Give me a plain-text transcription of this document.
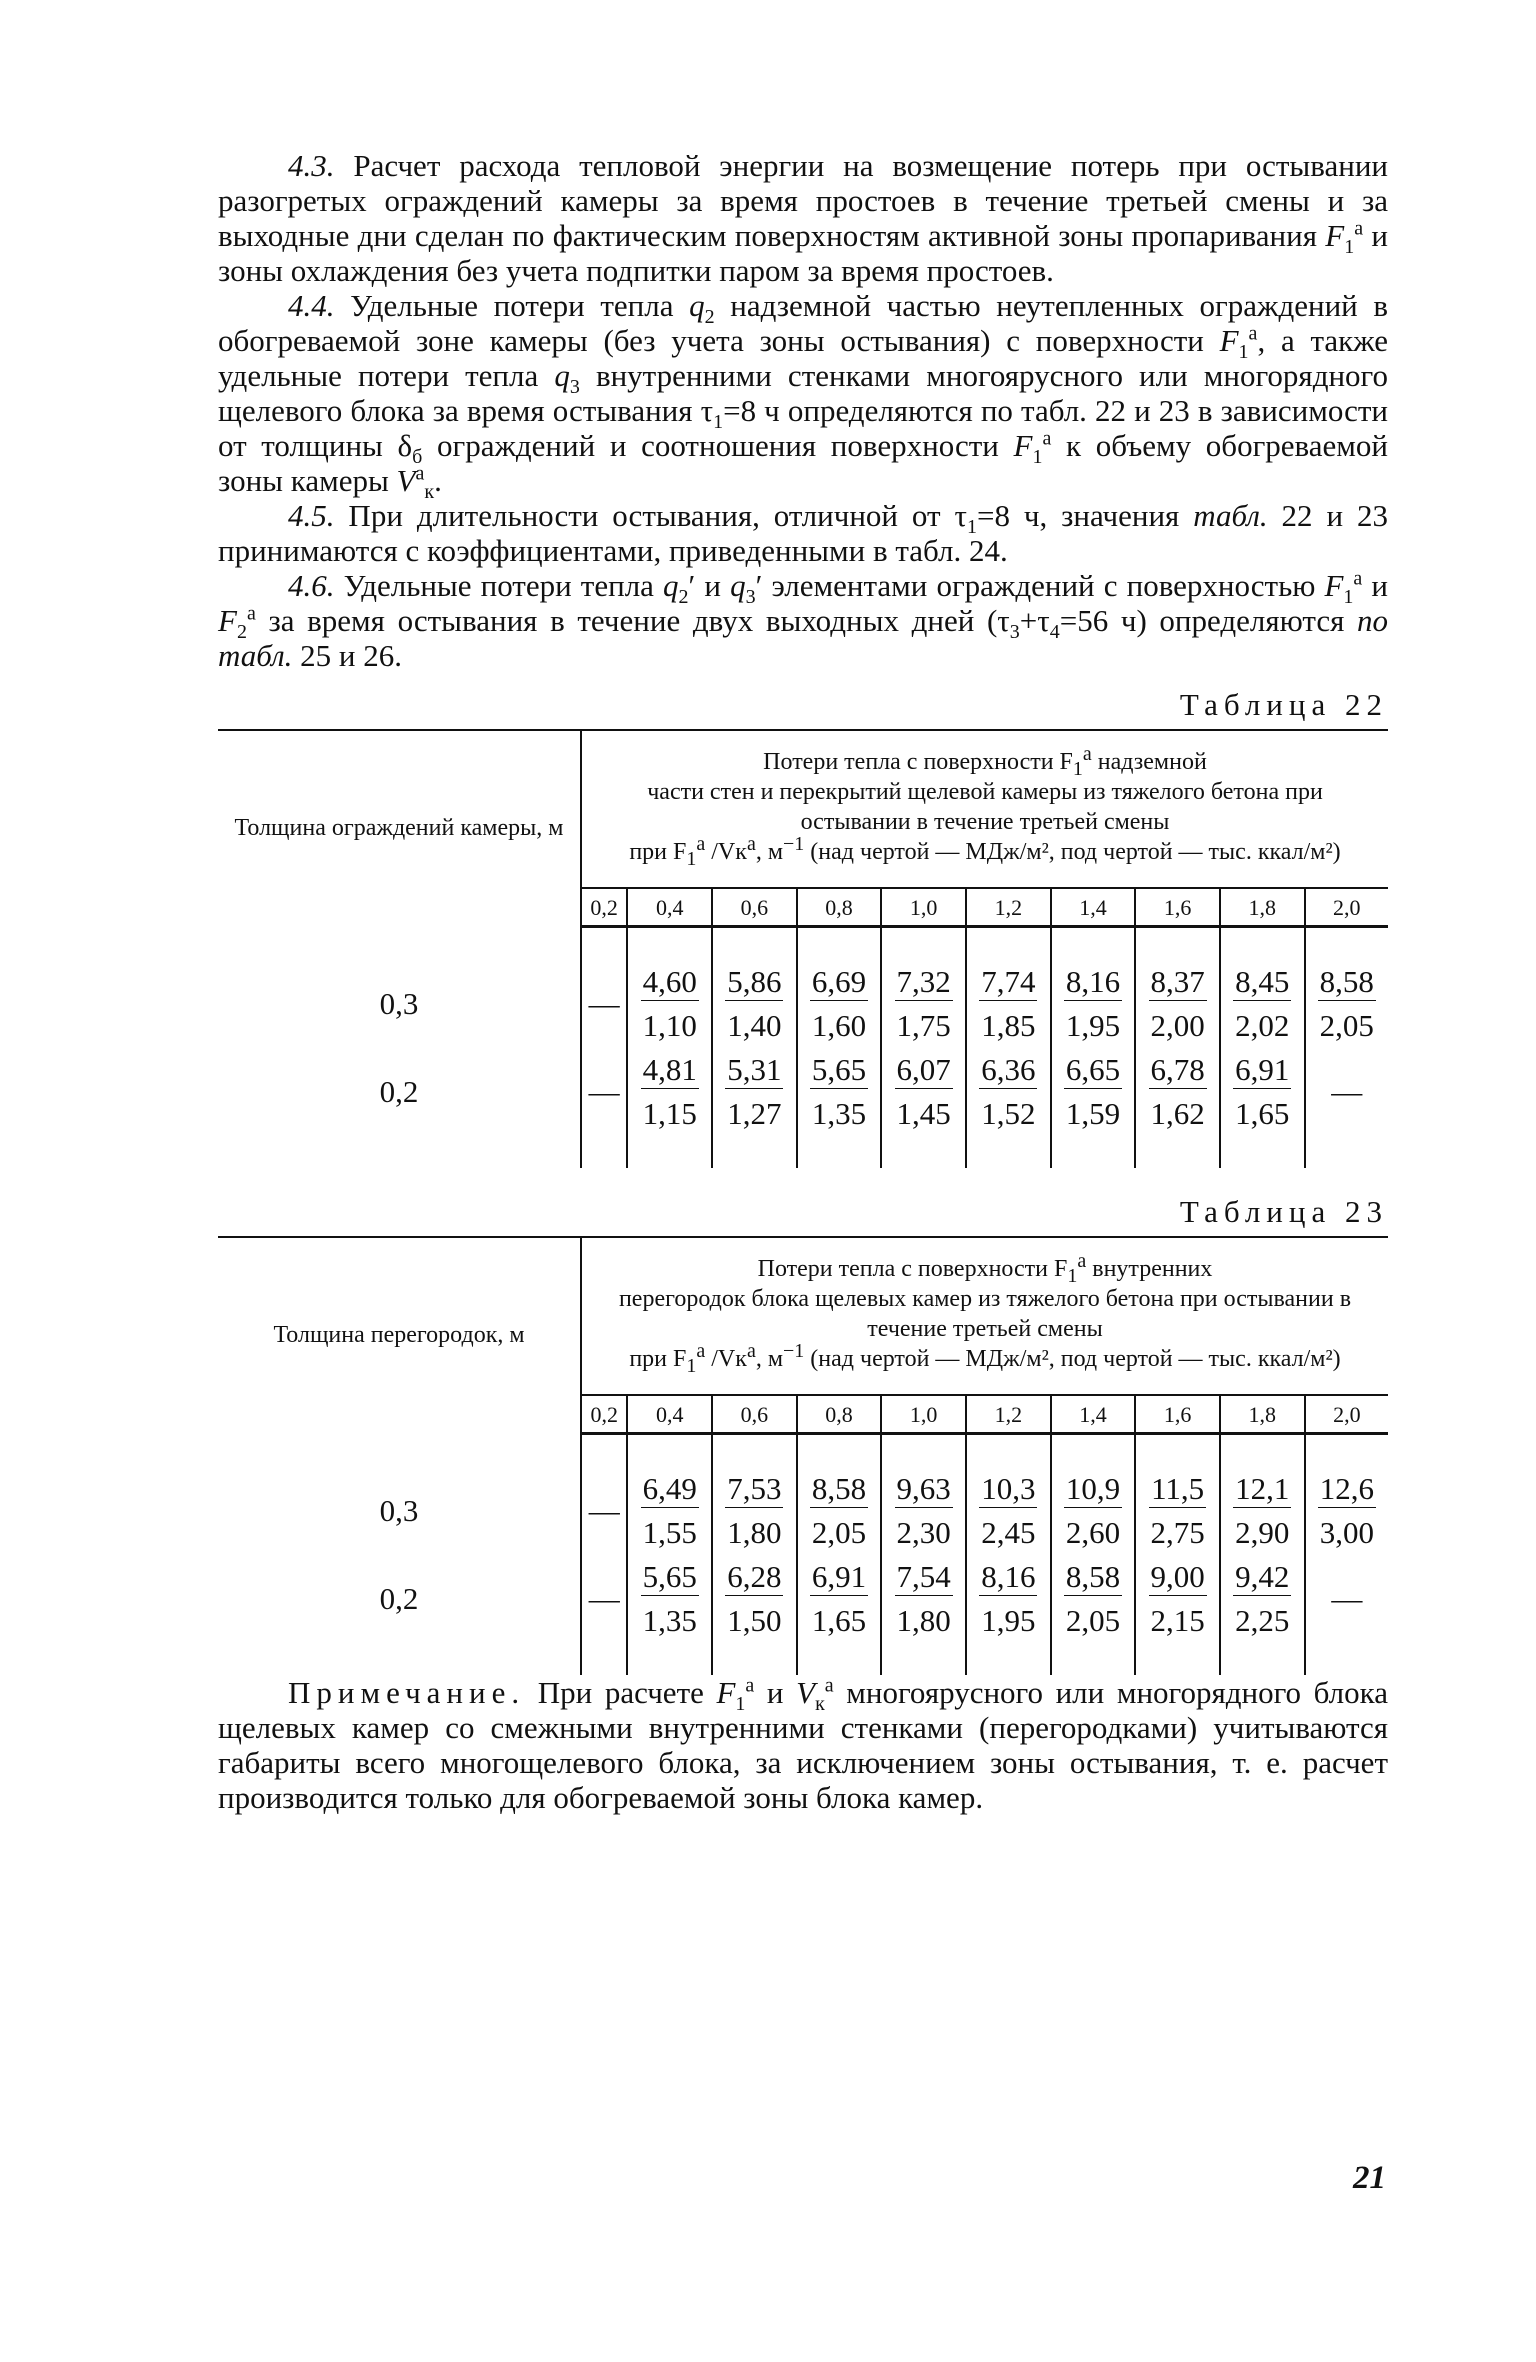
4.3. Расчет расхода тепловой энергии на возмещение потерь при остывании разогретых ограждений камеры за время простоев в течение третьей смены и за выходные дни сделан по фактическим поверхностям активной зоны пропаривания $F_1^a$ и зоны охлаждения без учета подпитки паром за время простоев.

4.4. Удельные потери тепла $q_2$ надземной частью неутепленных ограждений в обогреваемой зоне камеры (без учета зоны остывания) с поверхности $F_1^a$, а также удельные потери тепла $q_3$ внутренними стенками многоярусного или многорядного щелевого блока за время остывания $\tau_1=8$ ч определяются по табл. 22 и 23 в зависимости от толщины $\delta_б$ ограждений и соотношения поверхности $F_1^a$ к объему обогреваемой зоны камеры $V^a_к$.

4.5. При длительности остывания, отличной от $\tau_1=8$ ч, значения табл. 22 и 23 принимаются с коэффициентами, приведенными в табл. 24.

4.6. Удельные потери тепла $q_2'$ и $q_3'$ элементами ограждений с поверхностью $F_1^a$ и $F_2^a$ за время остывания в течение двух выходных дней ($\tau_3+\tau_4=56$ ч) определяются по табл. 25 и 26.

Таблица 22
Толщина ограждений камеры, м	Потери тепла с поверхности $F_1^a$ надземной
части стен и перекрытий щелевой камеры из тяжелого бетона при остывании в течение третьей смены
при $F_1^a$ $/Vк^a$, $м^{-1}$ (над чертой — МДж/м², под чертой — тыс. ккал/м²)									
	0,2	0,4	0,6	0,8	1,0	1,2	1,4	1,6	1,8	2,0

0,3	—	4,60	5,86	6,69	7,32	7,74	8,16	8,37	8,45	8,58
		1,10	1,40	1,60	1,75	1,85	1,95	2,00	2,02	2,05
0,2	—	4,81	5,31	5,65	6,07	6,36	6,65	6,78	6,91	—
		1,15	1,27	1,35	1,45	1,52	1,59	1,62	1,65	

Таблица 23
Толщина перегородок, м	Потери тепла с поверхности $F_1^a$ внутренних
перегородок блока щелевых камер из тяжелого бетона при остывании в течение третьей смены
при $F_1^a$ $/Vк^a$, $м^{-1}$ (над чертой — МДж/м², под чертой — тыс. ккал/м²)									
	0,2	0,4	0,6	0,8	1,0	1,2	1,4	1,6	1,8	2,0

0,3	—	6,49	7,53	8,58	9,63	10,3	10,9	11,5	12,1	12,6
		1,55	1,80	2,05	2,30	2,45	2,60	2,75	2,90	3,00
0,2	—	5,65	6,28	6,91	7,54	8,16	8,58	9,00	9,42	—
		1,35	1,50	1,65	1,80	1,95	2,05	2,15	2,25	

Примечание. При расчете $F_1^a$ и $V_к^a$ многоярусного или многорядного блока щелевых камер со смежными внутренними стенками (перегородками) учитываются габариты всего многощелевого блока, за исключением зоны остывания, т. е. расчет производится только для обогреваемой зоны блока камер.

21
